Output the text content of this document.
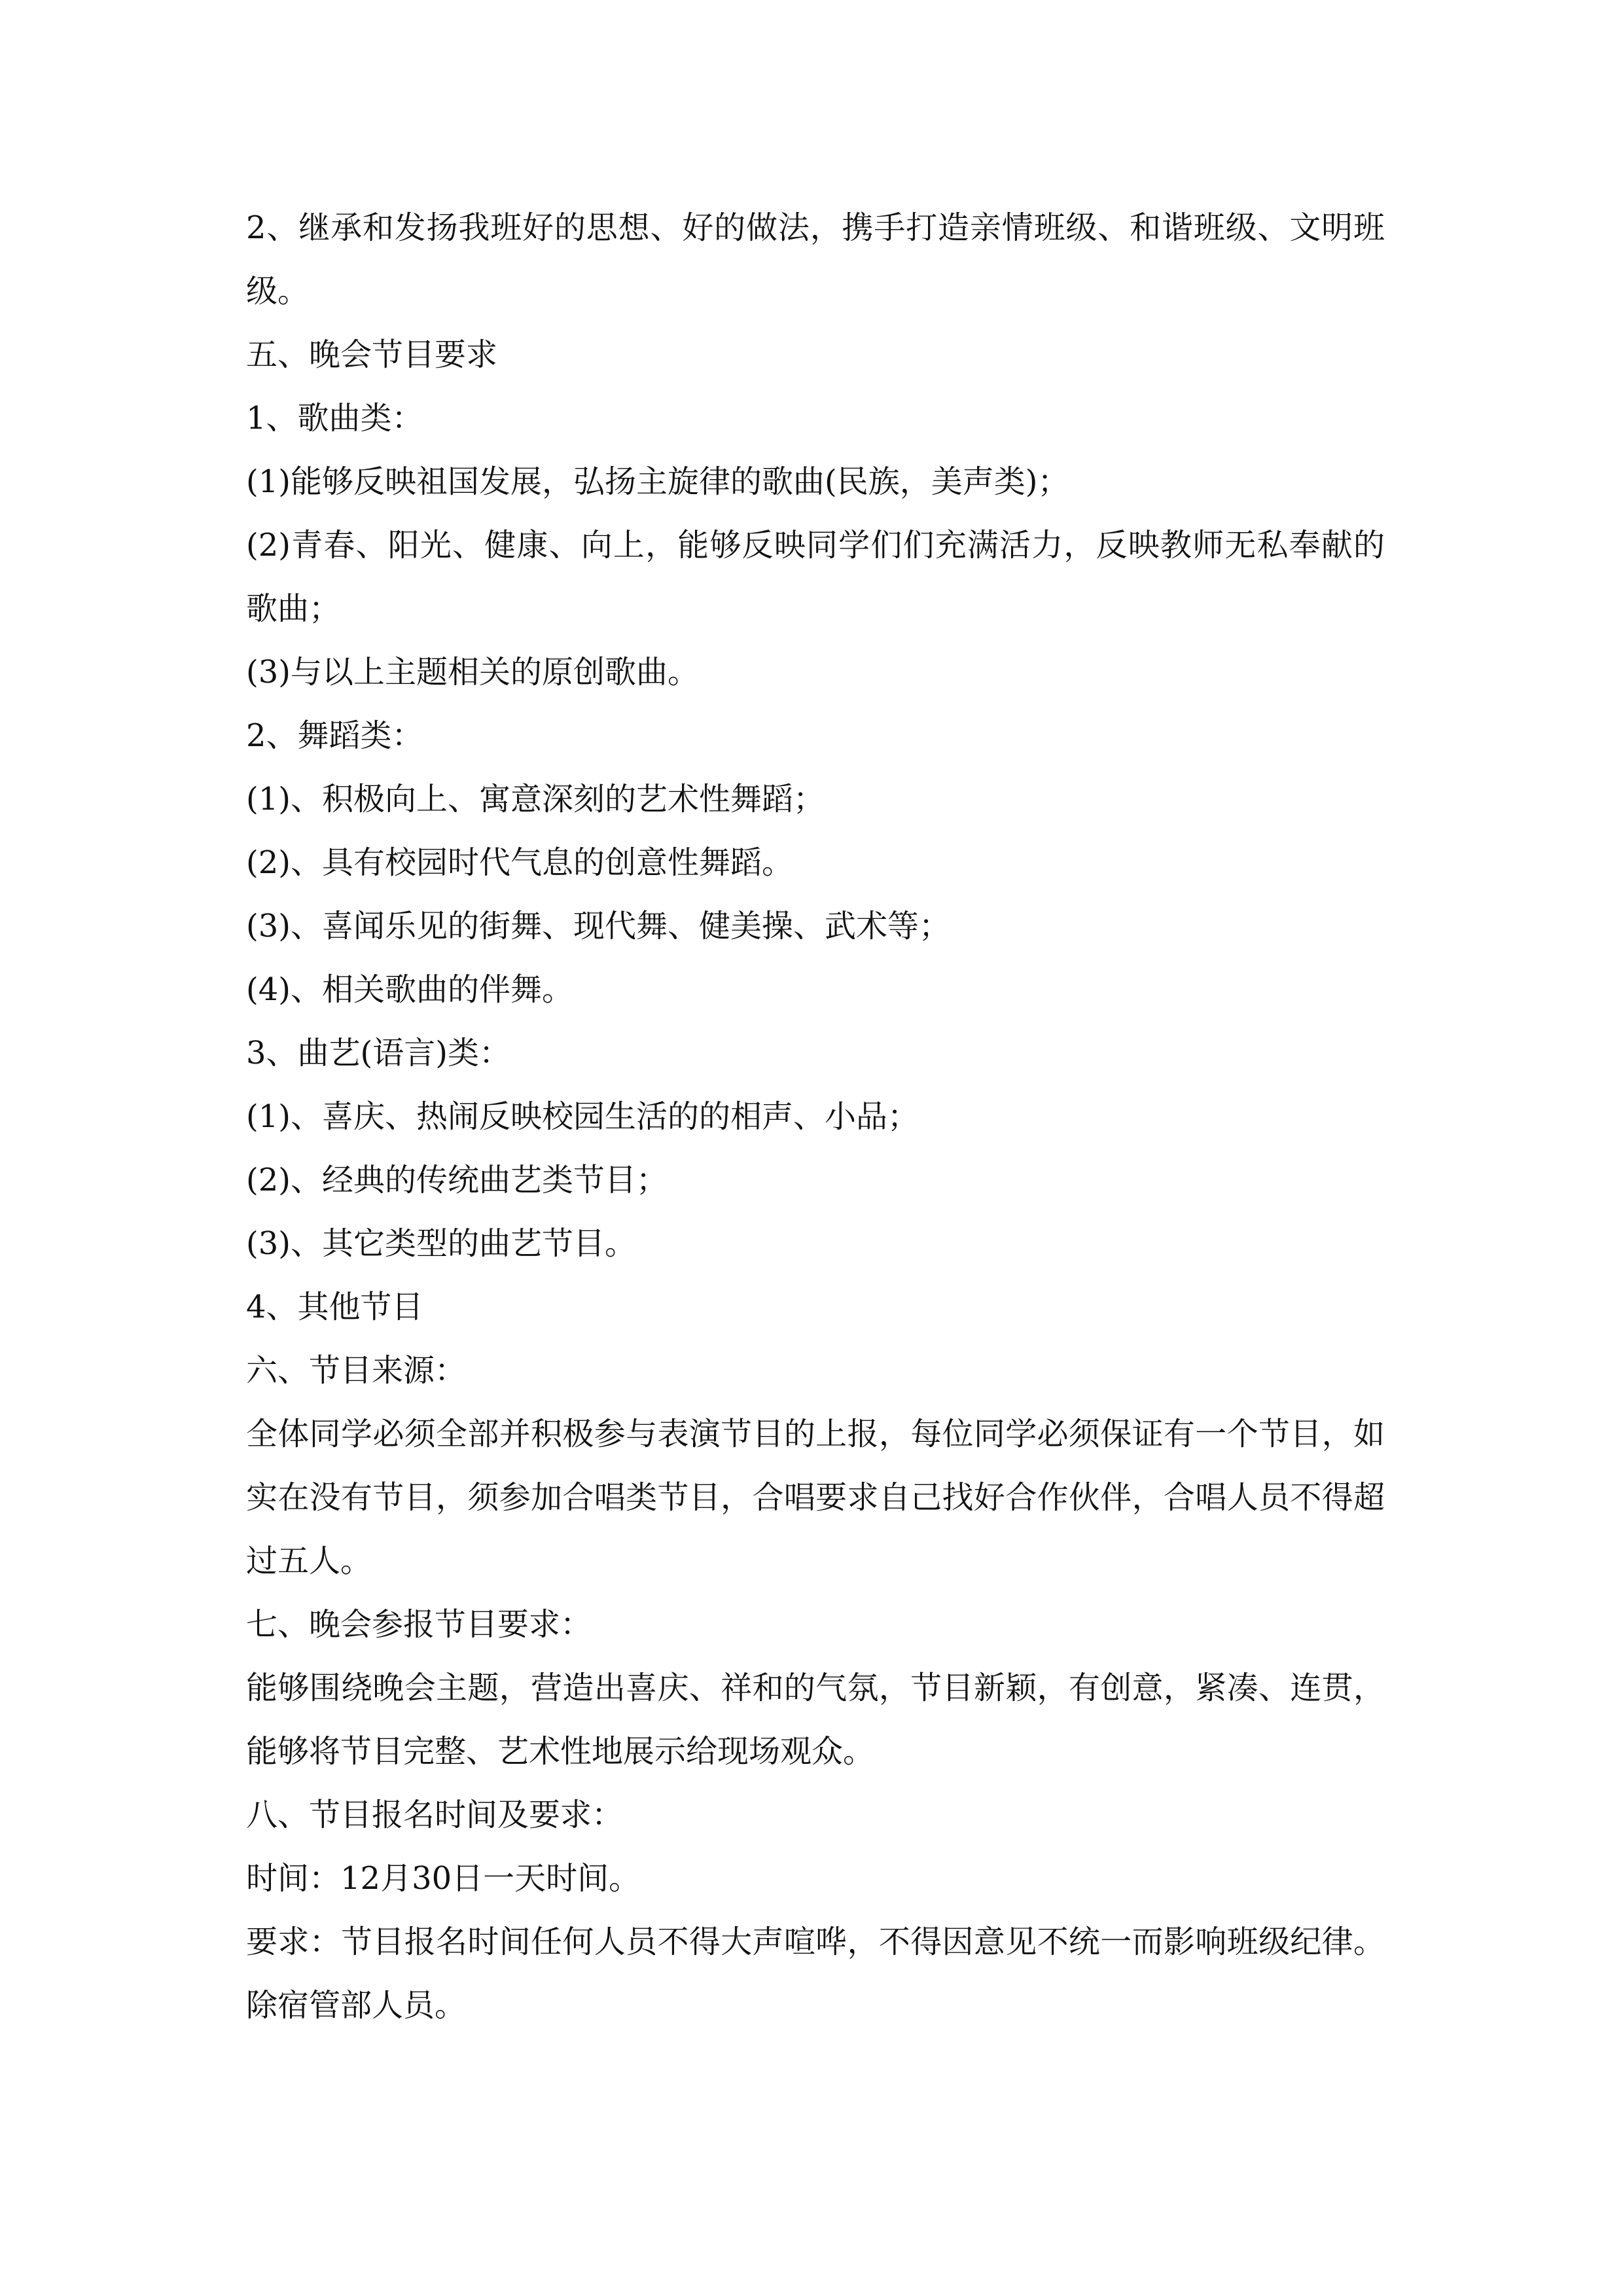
2、继承和发扬我班好的思想、好的做法，携手打造亲情班级、和谐班级、文明班级。

五、晚会节目要求

1、歌曲类：

(1)能够反映祖国发展，弘扬主旋律的歌曲(民族，美声类)；

(2)青春、阳光、健康、向上，能够反映同学们们充满活力，反映教师无私奉献的歌曲；

(3)与以上主题相关的原创歌曲。

2、舞蹈类：

(1)、积极向上、寓意深刻的艺术性舞蹈；

(2)、具有校园时代气息的创意性舞蹈。

(3)、喜闻乐见的街舞、现代舞、健美操、武术等；

(4)、相关歌曲的伴舞。

3、曲艺(语言)类：

(1)、喜庆、热闹反映校园生活的的相声、小品；

(2)、经典的传统曲艺类节目；

(3)、其它类型的曲艺节目。

4、其他节目

六、节目来源：

全体同学必须全部并积极参与表演节目的上报，每位同学必须保证有一个节目，如实在没有节目，须参加合唱类节目，合唱要求自己找好合作伙伴，合唱人员不得超过五人。

七、晚会参报节目要求：

能够围绕晚会主题，营造出喜庆、祥和的气氛，节目新颖，有创意，紧凑、连贯，能够将节目完整、艺术性地展示给现场观众。

八、节目报名时间及要求：

时间：12月30日一天时间。

要求：节目报名时间任何人员不得大声喧哗，不得因意见不统一而影响班级纪律。除宿管部人员。
